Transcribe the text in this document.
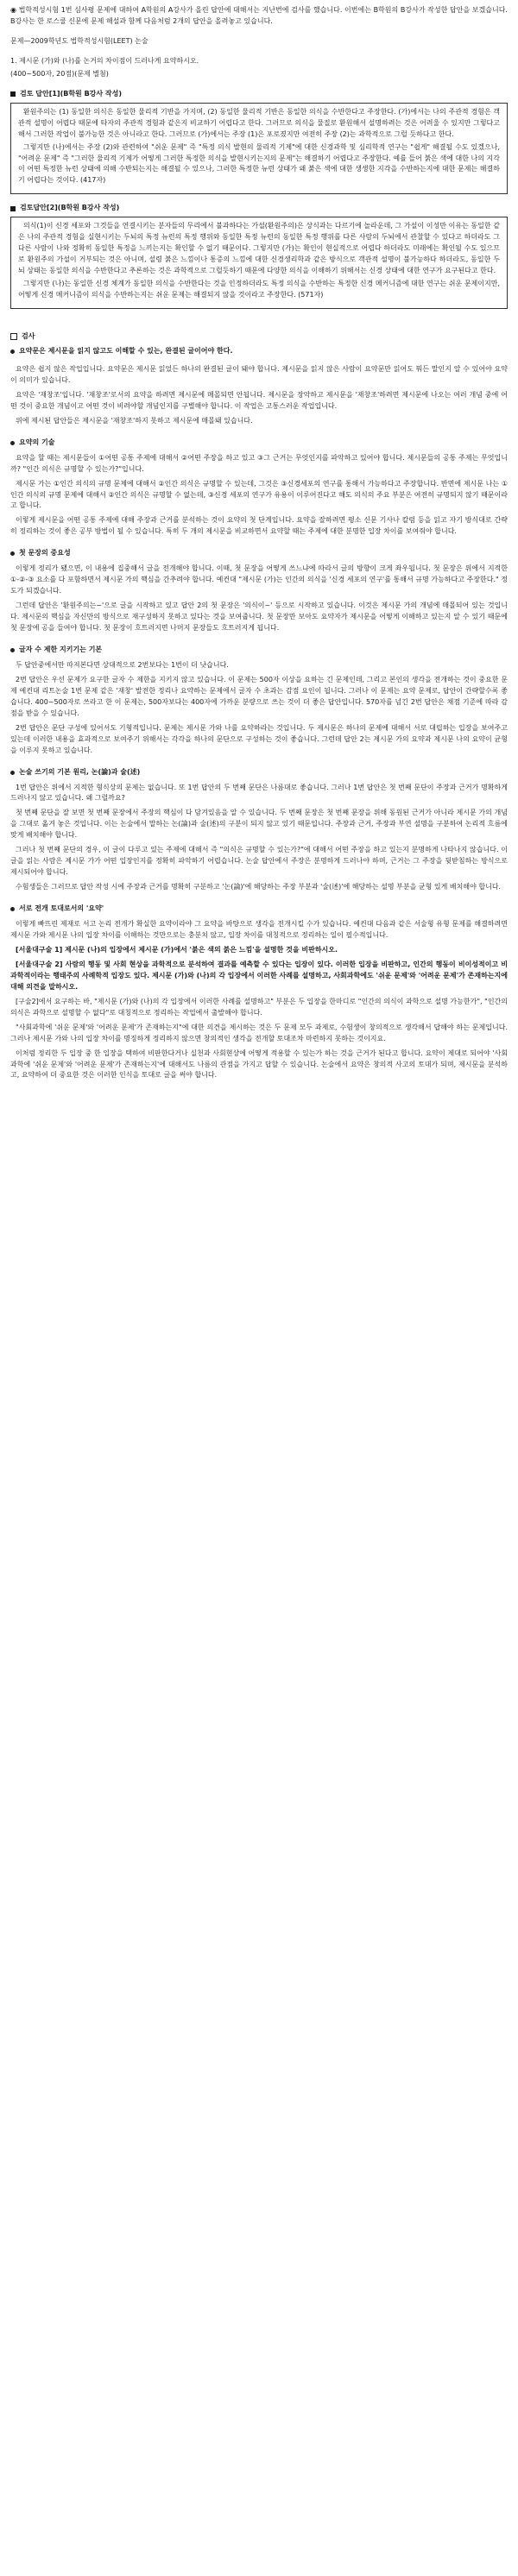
◉ 법학적성시험 1번 심사평 문제에 대하여 A학원의 A강사가 올린 답안에 대해서는 지난번에 검사를 했습니다. 이번에는 B학원의 B강사가 작성한 답안을 보겠습니다. B강사는 한 로스쿨 신문에 문제 해설과 함께 다음처럼 2개의 답안을 올려놓고 있습니다.

문제—2009학년도 법학적성시험(LEET) 논술

1. 제시문 (가)와 (나)를 논거의 차이점이 드러나게 요약하시오.

(400~500자, 20점)(문제 별첨)

검토 답안[1](B학원 B강사 작성)

환원주의는 (1) 동일한 의식은 동일한 물리적 기반을 가지며, (2) 동일한 물리적 기반은 동일한 의식을 수반한다고 주장한다. (가)에서는 나의 주관적 경험은 객관적 설명이 어렵다 때문에 타자의 주관적 경험과 같은지 비교하기 어렵다고 한다. 그러므로 의식을 물질로 환원해서 설명하려는 것은 어려울 수 있지만 그렇다고 해서 그러한 작업이 불가능한 것은 아니라고 한다. 그러므로 (가)에서는 주장 (1)은 포로졌지만 여전히 주장 (2)는 과학적으로 그럴 듯하다고 한다.

그렇지만 (나)에서는 주장 (2)와 관련하여 "쉬운 문제" 즉 "특정 의식 발현의 물리적 기제"에 대한 신경과학 및 심리학적 연구는 "쉽게" 해결될 수도 있겠으나, "어려운 문제" 즉 "그러한 물리적 기제가 어떻게 그러한 특정한 의식을 발현시키는지의 문제"는 해결하기 어렵다고 주장한다. 예를 들어 붉은 색에 대한 나의 지각이 어떤 특정한 뉴런 상태에 의해 수반되는지는 해결될 수 있으나, 그러한 특정한 뉴런 상태가 왜 붉은 색에 대한 생생한 지각을 수반하는지에 대한 문제는 해결하기 어렵다는 것이다. (417자)

검토답안[2](B학원 B강사 작성)

의식(1)이 신경 세포와 그것들을 연결시키는 분자들의 무리에서 불과하다는 가설(환원주의)은 상식과는 다르기에 놀라운데, 그 가설이 이성만 이유는 동일한 같은 나의 주관적 경험을 실현시키는 두뇌의 특정 뉴런의 특정 행위와 동일한 특정 뉴런의 동일한 특정 행위를 다른 사람의 두뇌에서 관찰할 수 있다고 하더라도 그 다른 사람이 나와 정확히 동일한 특정을 느끼는지는 확인할 수 없기 때문이다. 그렇지만 (가)는 확인이 현실적으로 어렵다 하더라도 미래에는 확인될 수도 있으므로 환원주의 가설이 거부되는 것은 아니며, 설령 붉은 느낌이나 통증의 느낌에 대한 신경생리학과 같은 방식으로 객관적 설명이 불가능하다 하더라도, 동일한 두뇌 상태는 동일한 의식을 수반한다고 추론하는 것은 과학적으로 그럴듯하기 때문에 다양한 의식을 이해하기 위해서는 신경 상태에 대한 연구가 요구된다고 한다.

그렇지만 (나)는 동일한 신경 체계가 동일한 의식을 수반한다는 것을 인정하더라도 특정 의식을 수반하는 특정한 신경 메커니즘에 대한 연구는 쉬운 문제이지만, 어떻게 신경 메커니즘이 의식을 수반하는지는 쉬운 문제는 해결되지 않을 것이라고 주장한다. (571자)

검사
요약문은 제시문을 읽지 않고도 이해할 수 있는, 완결된 글이어야 한다.

요약은 쉽지 않은 작업입니다. 요약문은 제시문 읽었든 하나의 완결된 글이 돼야 합니다. 제시문을 읽지 않은 사람이 요약문만 읽어도 뭐든 말인지 알 수 있어야 요약이 의미가 있습니다.

요약은 '재창조'입니다. '재창조'로서의 요약을 하려면 제시문에 매몰되면 안됩니다. 제시문을 장악하고 제시문을 '재창조'하려면 제시문에 나오는 여러 개념 중에 어떤 것이 중요한 개념이고 어떤 것이 비려야할 개념인지를 구별해야 합니다. 이 작업은 고통스러운 작업입니다.

위에 제시된 답안들은 제시문을 '재창조'하지 못하고 제시문에 매몰돼 있습니다.

요약의 기술

요약을 할 때는 제시문들이 ①어떤 공통 주제에 대해서 ②어떤 주장을 하고 있고 ③그 근거는 무엇인지를 파악하고 있어야 합니다. 제시문들의 공통 주제는 무엇입니까? "인간 의식은 규명할 수 있는가?"입니다.

제시문 가는 ①인간 의식의 규명 문제에 대해서 ②인간 의식은 규명할 수 있는데, 그것은 ③신경세포의 연구를 통해서 가능하다고 주장합니다. 반면에 제시문 나는 ①인간 의식의 규명 문제에 대해서 ②인간 의식은 규명할 수 없는데, ③신경 세포의 연구가 유용이 이루어진다고 해도 의식의 주요 부분은 여전히 규명되지 않기 때문이라고 합니다.

이렇게 제시문을 어떤 공통 주제에 대해 주장과 근거를 분석하는 것이 요약의 첫 단계입니다. 요약을 잘하려면 평소 신문 기사나 칼럼 등을 읽고 자기 방식대로 간략히 정리하는 것이 좋은 공부 방법이 될 수 있습니다. 특히 두 개의 제시문을 비교하면서 요약할 때는 주제에 대한 분명한 입장 차이를 보여줘야 합니다.

첫 문장의 중요성

이렇게 정리가 됐으면, 이 내용에 집중해서 글을 전개해야 합니다. 이때, 첫 문장을 어떻게 쓰느냐에 따라서 글의 방향이 크게 좌우됩니다. 첫 문장은 위에서 지적한 ①-②-③ 요소를 다 포함하면서 제시문 가의 핵심을 간추려야 합니다. 예컨대 "제시문 (가)는 인간의 의식을 '신경 세포의 연구'를 통해서 규명 가능하다고 주장한다." 정도가 되겠습니다.

그런데 답안은 '환원주의는~'으로 글을 시작하고 있고 답안 2의 첫 문장은 '의식이~' 등으로 시작하고 있습니다. 이것은 제시문 가의 개념에 매몰되어 있는 것입니다. 제시문의 핵심을 자신만의 방식으로 재구성하지 못하고 있다는 것을 보여줍니다. 첫 문장만 보아도 요약자가 제시문을 어떻게 이해하고 있는지 알 수 있기 때문에 첫 문장에 공을 들여야 합니다. 첫 문장이 흐트러지면 나머지 문장들도 흐트러지게 됩니다.

글자 수 제한 지키기는 기본

두 답안중에서만 따져본다면 상대적으로 2번보다는 1번이 더 낫습니다.

2번 답안은 우선 문제가 요구한 글자 수 제한을 지키지 않고 있습니다. 이 문제는 500자 이상을 요하는 긴 문제인데, 그리고 본인의 생각을 전개하는 것이 중요한 문제 예컨대 리트논술 1번 문제 같은 '재창' 발전한 정리나 요약하는 문제에서 글자 수 초과는 감점 요인이 됩니다. 그러나 이 문제는 요약 문제로, 답안이 간략할수록 좋습니다. 400~500자로 쓰라고 한 이 문제는, 500자보다는 400자에 가까운 분량으로 쓰는 것이 더 좋은 답안입니다. 570자를 넘긴 2번 답안은 채점 기준에 따라 감점을 받을 수 있습니다.

2번 답안은 문단 구성에 있어서도 기형적입니다. 문제는 제시문 가와 나를 요약하라는 것입니다. 두 제시문은 하나의 문제에 대해서 서로 대립하는 입장을 보여주고 있는데 이러한 내용을 효과적으로 보여주기 위해서는 각각을 하나의 문단으로 구성하는 것이 좋습니다. 그런데 답안 2는 제시문 가의 요약과 제시문 나의 요약이 균형을 이루지 못하고 있습니다.

논술 쓰기의 기본 원리, 논(論)과 술(述)

1번 답안은 위에서 지적한 형식상의 문제는 없습니다. 또 1번 답안의 두 번째 문단은 나름대로 좋습니다. 그러나 1번 답안은 첫 번째 문단이 주장과 근거가 명확하게 드러나지 않고 있습니다. 왜 그럴까요?

첫 번째 문단을 잘 보면 첫 번째 문장에서 주장의 핵심이 다 담겨있음을 알 수 있습니다. 두 번째 문장은 첫 번째 문장을 위해 동원된 근거가 아니라 제시문 가의 개념을 그대로 옮겨 놓은 것입니다. 이는 논술에서 말하는 논(論)과 술(述)의 구분이 되지 않고 있기 때문입니다. 주장과 근거, 주장과 부연 설명을 구분하여 논리적 흐름에 맞게 배치해야 합니다.

그러나 첫 번째 문단의 경우, 이 글이 다루고 있는 주제에 대해서 즉 "의식은 규명할 수 있는가?"에 대해서 어떤 주장을 하고 있는지 분명하게 나타나지 않습니다. 이 글을 읽는 사람은 제시문 가가 어떤 입장인지를 정확히 파악하기 어렵습니다. 논술 답안에서 주장은 분명하게 드러나야 하며, 근거는 그 주장을 뒷받침하는 방식으로 제시되어야 합니다.

수험생들은 그러므로 답안 작성 시에 주장과 근거를 명확히 구분하고 '논(論)'에 해당하는 주장 부분과 '술(述)'에 해당하는 설명 부분을 균형 있게 배치해야 합니다.

서로 전개 토대로서의 '요약'

이렇게 빠뜨린 제재로 서고 논리 전개가 확실한 요약이라야 그 요약을 바탕으로 생각을 전개시킬 수가 있습니다. 예컨대 다음과 같은 서술형 유형 문제를 해결하려면 제시문 가와 제시문 나의 입장 차이를 이해하는 것만으로는 충분치 않고, 입장 차이를 대칭적으로 정리하는 일이 필수적입니다.

[서울대구술 1] 제시문 (나)의 입장에서 제시문 (가)에서 '붉은 색의 붉은 느낌'을 설명한 것을 비판하시오.

[서울대구술 2] 사람의 행동 및 사회 현상을 과학적으로 분석하여 결과를 예측할 수 있다는 입장이 있다. 이러한 입장을 비판하고, 인간의 행동이 비이성적이고 비과학적이라는 행태주의 사례학적 입장도 있다. 제시문 (가)와 (나)의 각 입장에서 이러한 사례를 설명하고, 사회과학에도 '쉬운 문제'와 '어려운 문제'가 존재하는지에 대해 의견을 말하시오.

[구술2]에서 요구하는 바, "제시문 (가)와 (나)의 각 입장에서 이러한 사례를 설명하고" 부분은 두 입장을 한마디로 "인간의 의식이 과학으로 설명 가능한가", "인간의 의식은 과학으로 설명할 수 없다"로 대칭적으로 정리하는 작업에서 출발해야 합니다.

"사회과학에 '쉬운 문제'와 '어려운 문제'가 존재하는지"에 대한 의견을 제시하는 것은 두 문제 모두 과제로, 수험생이 창의적으로 생각해서 답해야 하는 문제입니다. 그러나 제시문 가와 나의 입장 차이를 명징하게 정리하지 않으면 창의적인 생각을 전개할 토대조차 마련하지 못하는 것이지요.

이처럼 정리한 두 입장 중 한 입장을 택하여 비판한다거나 실천과 사회현상에 어떻게 적용할 수 있는가 하는 것을 근거가 된다고 합니다. 요약이 제대로 되어야 '사회과학에 '쉬운 문제'와 '어려운 문제'가 존재하는지'에 대해서도 나름의 관점을 가지고 답할 수 있습니다. 논술에서 요약은 창의적 사고의 토대가 되며, 제시문을 분석하고, 요약하여 더 중요한 것은 이러한 인식을 토대로 글을 써야 합니다.
